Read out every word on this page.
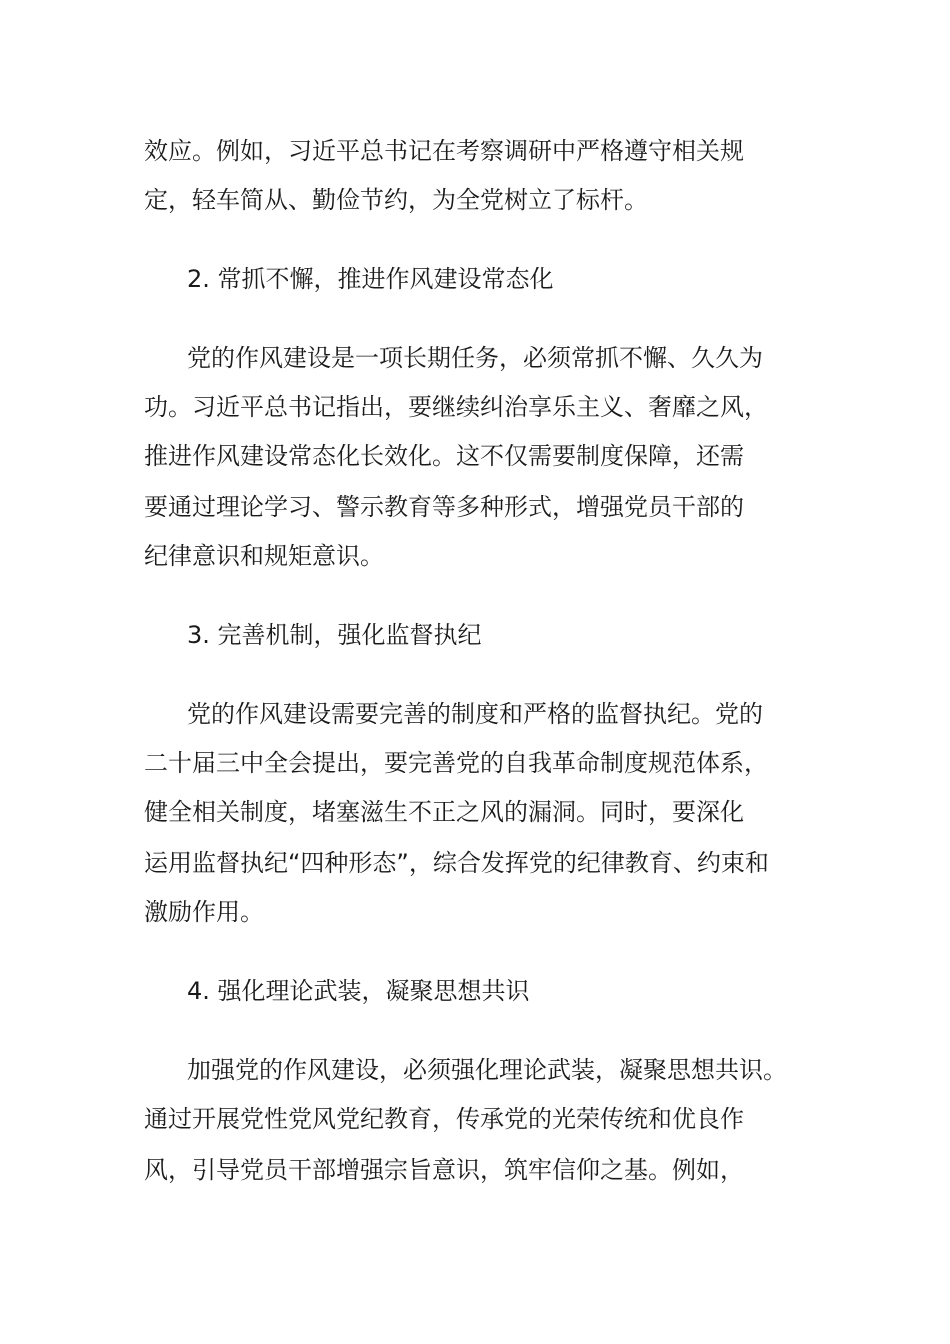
效应。例如，习近平总书记在考察调研中严格遵守相关规
定，轻车简从、勤俭节约，为全党树立了标杆。
2. 常抓不懈，推进作风建设常态化
党的作风建设是一项长期任务，必须常抓不懈、久久为
功。习近平总书记指出，要继续纠治享乐主义、奢靡之风，
推进作风建设常态化长效化。这不仅需要制度保障，还需
要通过理论学习、警示教育等多种形式，增强党员干部的
纪律意识和规矩意识。
3. 完善机制，强化监督执纪
党的作风建设需要完善的制度和严格的监督执纪。党的
二十届三中全会提出，要完善党的自我革命制度规范体系，
健全相关制度，堵塞滋生不正之风的漏洞。同时，要深化
运用监督执纪“四种形态”，综合发挥党的纪律教育、约束和
激励作用。
4. 强化理论武装，凝聚思想共识
加强党的作风建设，必须强化理论武装，凝聚思想共识。
通过开展党性党风党纪教育，传承党的光荣传统和优良作
风，引导党员干部增强宗旨意识，筑牢信仰之基。例如，
